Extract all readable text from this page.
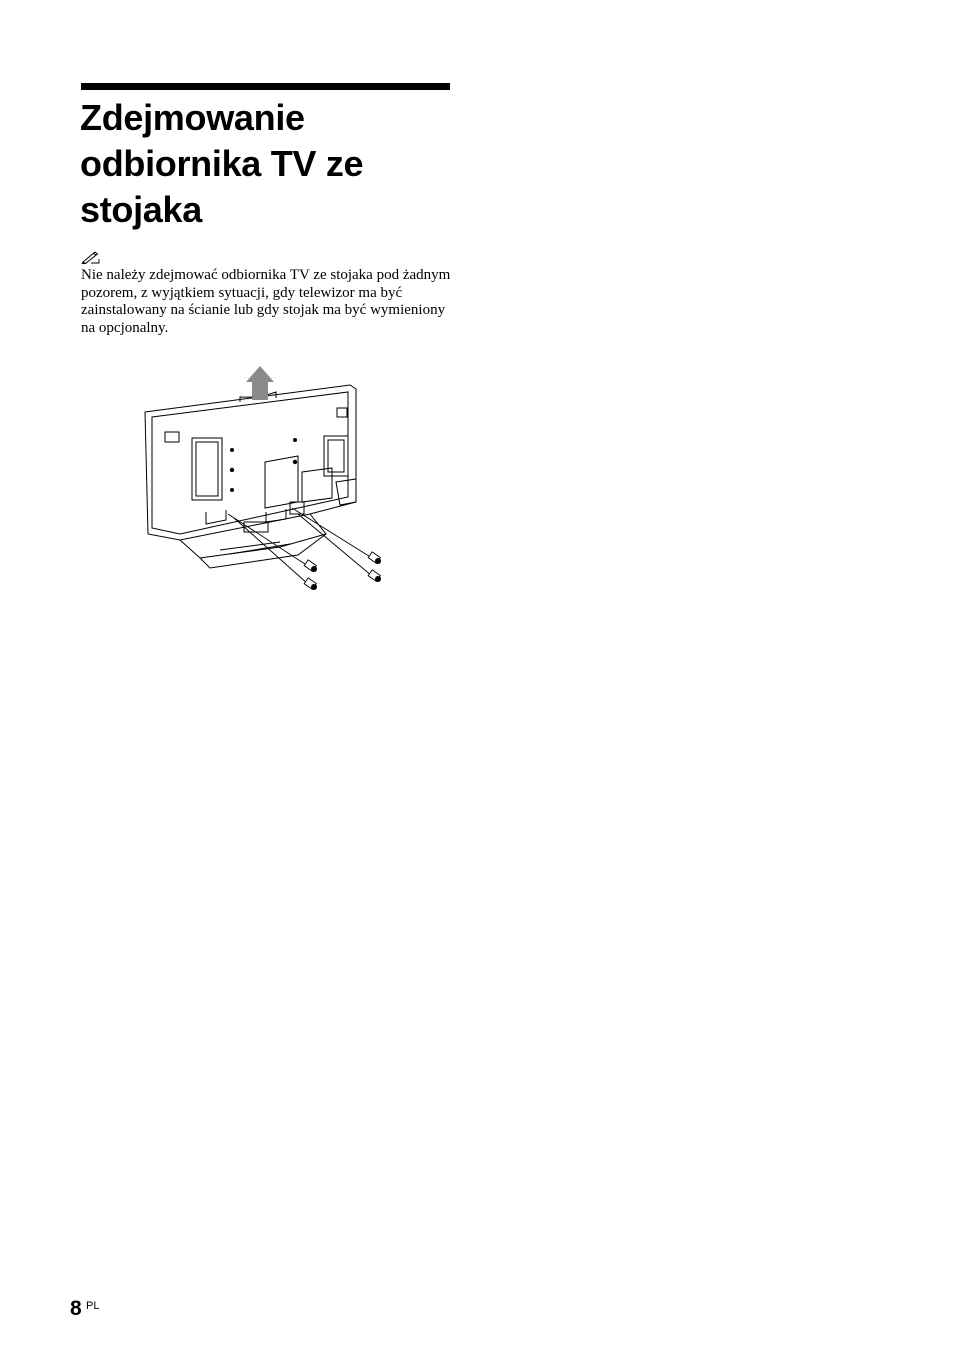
Zdejmowanie odbiornika TV ze stojaka

Nie należy zdejmować odbiornika TV ze stojaka pod żadnym pozorem, z wyjątkiem sytuacji, gdy telewizor ma być zainstalowany na ścianie lub gdy stojak ma być wymieniony na opcjonalny.

8 PL
